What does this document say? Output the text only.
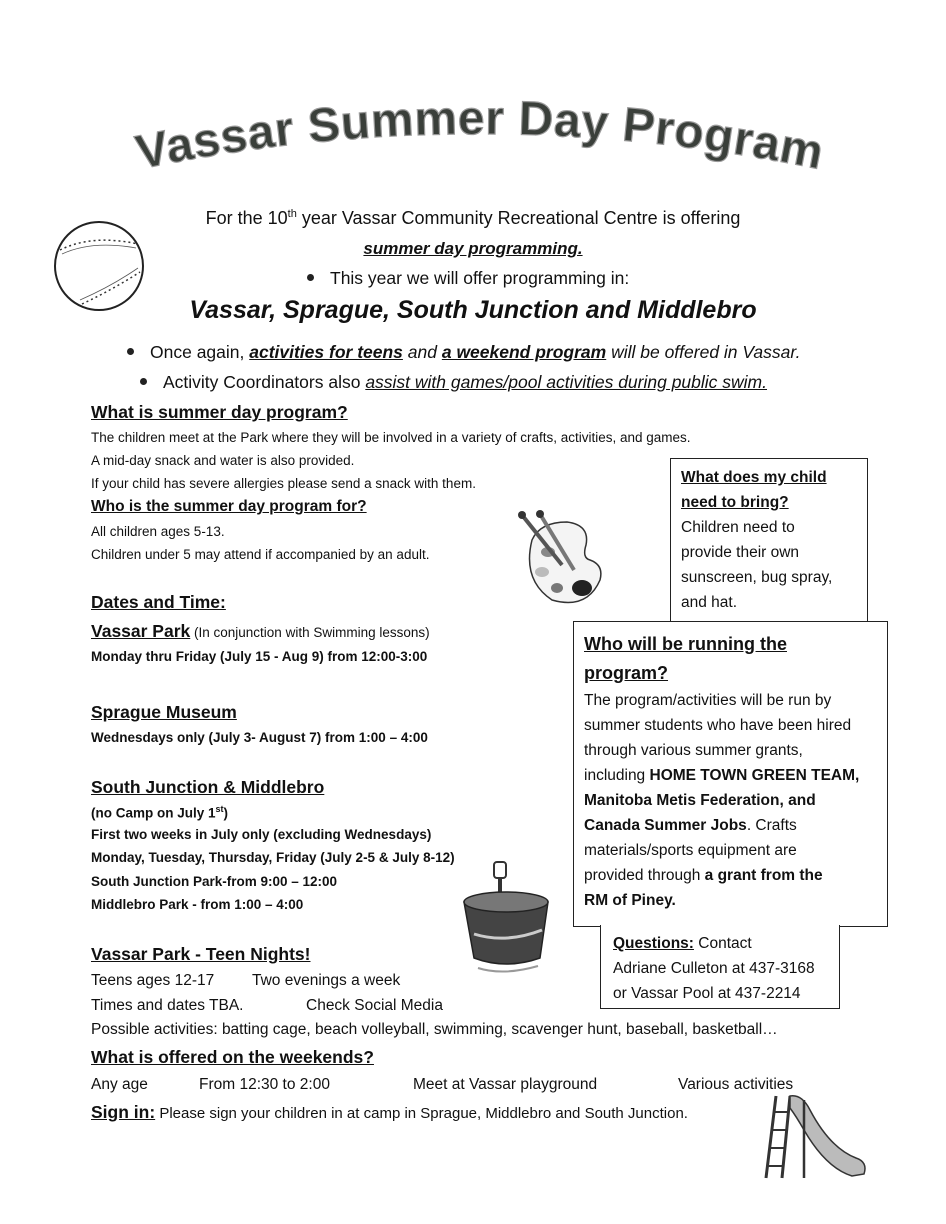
Vassar Summer Day Program
For the 10th year Vassar Community Recreational Centre is offering
summer day programming.
This year we will offer programming in:
Vassar, Sprague, South Junction and Middlebro
Once again, activities for teens and a weekend program will be offered in Vassar.
Activity Coordinators also assist with games/pool activities during public swim.
What is summer day program?
The children meet at the Park where they will be involved in a variety of crafts, activities, and games.
A mid-day snack and water is also provided.
If your child has severe allergies please send a snack with them.
Who is the summer day program for?
All children ages 5-13.
Children under 5 may attend if accompanied by an adult.

What does my child

need to bring?

Children need to

provide their own

sunscreen, bug spray,

and hat.

Dates and Time:
Vassar Park (In conjunction with Swimming lessons)
Monday thru Friday (July 15 - Aug 9) from 12:00-3:00
Sprague Museum
Wednesdays only (July 3- August 7) from 1:00 – 4:00
South Junction & Middlebro
(no Camp on July 1st)
First two weeks in July only (excluding Wednesdays)
Monday, Tuesday, Thursday, Friday (July 2-5 & July 8-12)
South Junction Park-from 9:00 – 12:00
Middlebro Park - from 1:00 – 4:00

Who will be running the

program?

The program/activities will be run by

summer students who have been hired

through various summer grants,

including HOME TOWN GREEN TEAM,

Manitoba Metis Federation, and

Canada Summer Jobs. Crafts

materials/sports equipment are

provided through a grant from the

RM of Piney.

Questions: Contact

Adriane Culleton at 437-3168

or Vassar Pool at 437-2214

Vassar Park - Teen Nights!
Teens ages 12-17 Two evenings a week
Times and dates TBA.	Check Social Media
Possible activities: batting cage, beach volleyball, swimming, scavenger hunt, baseball, basketball…
What is offered on the weekends?
Any age	From 12:30 to 2:00	Meet at Vassar playground	Various activities
Sign in: Please sign your children in at camp in Sprague, Middlebro and South Junction.
